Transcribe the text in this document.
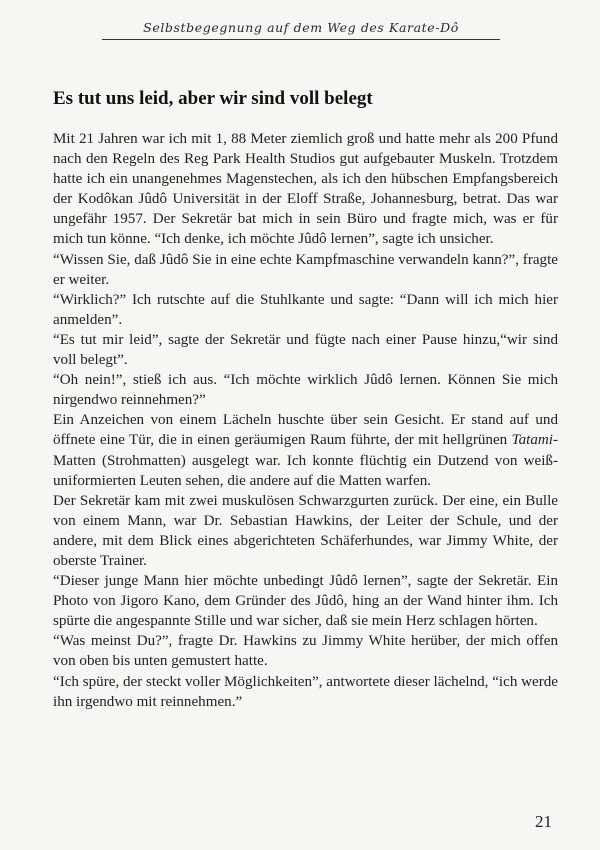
Selbstbegegnung auf dem Weg des Karate-Dô
Es tut uns leid, aber wir sind voll belegt

Mit 21 Jahren war ich mit 1, 88 Meter ziemlich groß und hatte mehr als 200 Pfund nach den Regeln des Reg Park Health Studios gut aufgebauter Muskeln. Trotzdem hatte ich ein unangenehmes Magenstechen, als ich den hübschen Empfangsbereich der Kodôkan Jûdô Universität in der Eloff Straße, Johannesburg, betrat. Das war ungefähr 1957. Der Sekretär bat mich in sein Büro und fragte mich, was er für mich tun könne. “Ich denke, ich möchte Jûdô lernen”, sagte ich unsicher.

“Wissen Sie, daß Jûdô Sie in eine echte Kampfmaschine verwandeln kann?”, fragte er weiter.

“Wirklich?” Ich rutschte auf die Stuhlkante und sagte: “Dann will ich mich hier anmelden”.

“Es tut mir leid”, sagte der Sekretär und fügte nach einer Pause hinzu,“wir sind voll belegt”.

“Oh nein!”, stieß ich aus. “Ich möchte wirklich Jûdô lernen. Können Sie mich nirgendwo reinnehmen?”

Ein Anzeichen von einem Lächeln huschte über sein Gesicht. Er stand auf und öffnete eine Tür, die in einen geräumigen Raum führte, der mit hellgrünen Tatami-Matten (Strohmatten) ausgelegt war. Ich konnte flüchtig ein Dutzend von weiß-uniformierten Leuten sehen, die andere auf die Matten warfen.

Der Sekretär kam mit zwei muskulösen Schwarzgurten zurück. Der eine, ein Bulle von einem Mann, war Dr. Sebastian Hawkins, der Leiter der Schule, und der andere, mit dem Blick eines abgerichteten Schäferhundes, war Jimmy White, der oberste Trainer.

“Dieser junge Mann hier möchte unbedingt Jûdô lernen”, sagte der Sekretär. Ein Photo von Jigoro Kano, dem Gründer des Jûdô, hing an der Wand hinter ihm. Ich spürte die angespannte Stille und war sicher, daß sie mein Herz schlagen hörten.

“Was meinst Du?”, fragte Dr. Hawkins zu Jimmy White herüber, der mich offen von oben bis unten gemustert hatte.

“Ich spüre, der steckt voller Möglichkeiten”, antwortete dieser lächelnd, “ich werde ihn irgendwo mit reinnehmen.”

21
